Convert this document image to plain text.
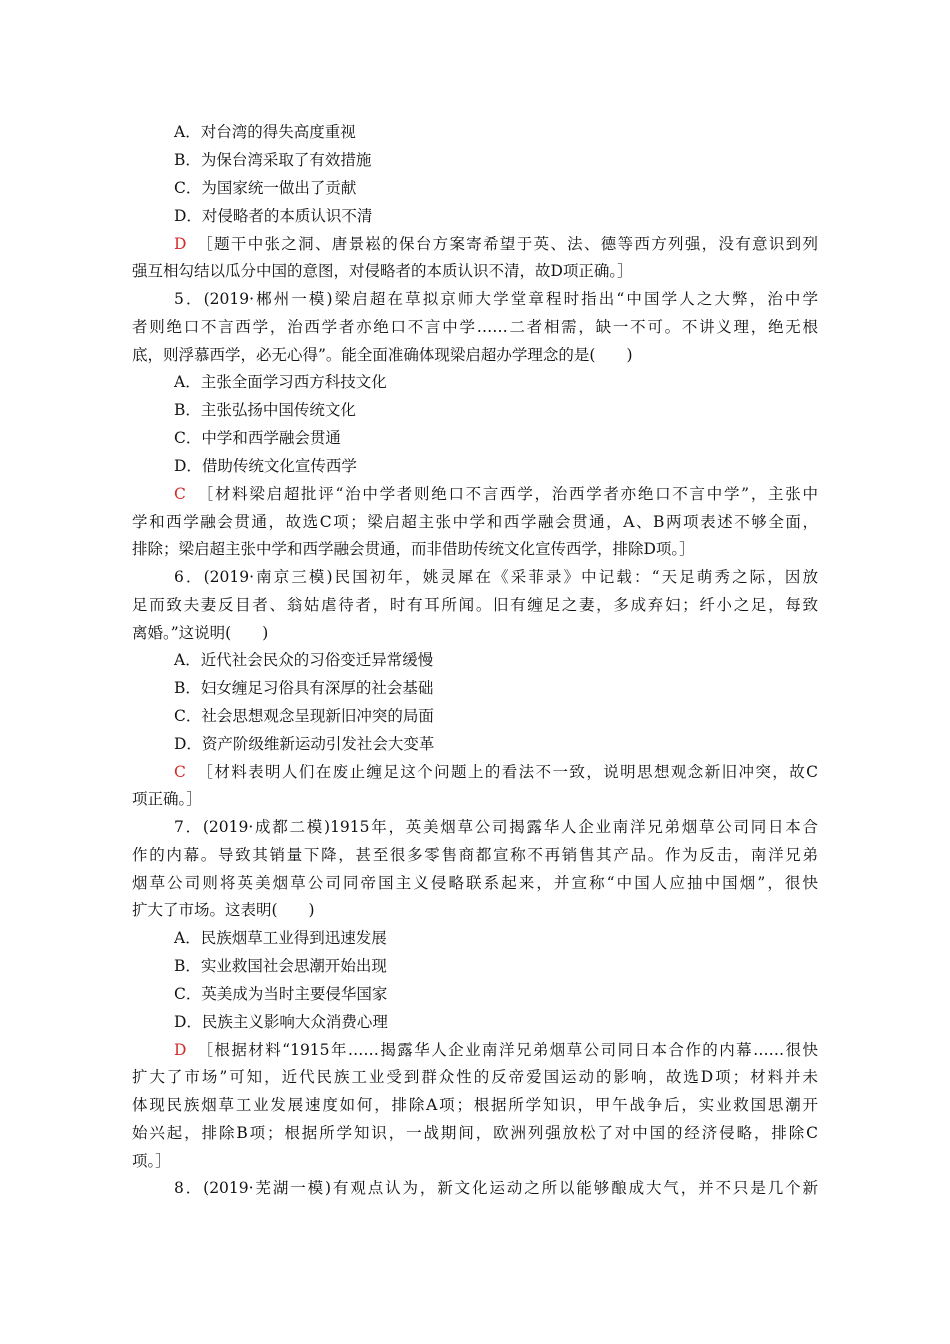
A．对台湾的得失高度重视
B．为保台湾采取了有效措施
C．为国家统一做出了贡献
D．对侵略者的本质认识不清
D ［题干中张之洞、唐景崧的保台方案寄希望于英、法、德等西方列强，没有意识到列
强互相勾结以瓜分中国的意图，对侵略者的本质认识不清，故D项正确。］
5．(2019·郴州一模)梁启超在草拟京师大学堂章程时指出“中国学人之大弊，治中学
者则绝口不言西学，治西学者亦绝口不言中学……二者相需，缺一不可。不讲义理，绝无根
底，则浮慕西学，必无心得”。能全面准确体现梁启超办学理念的是(　　)
A．主张全面学习西方科技文化
B．主张弘扬中国传统文化
C．中学和西学融会贯通
D．借助传统文化宣传西学
C ［材料梁启超批评“治中学者则绝口不言西学，治西学者亦绝口不言中学”，主张中
学和西学融会贯通，故选C项；梁启超主张中学和西学融会贯通，A、B两项表述不够全面，
排除；梁启超主张中学和西学融会贯通，而非借助传统文化宣传西学，排除D项。］
6．(2019·南京三模)民国初年，姚灵犀在《采菲录》中记载：“天足萌秀之际，因放
足而致夫妻反目者、翁姑虐待者，时有耳所闻。旧有缠足之妻，多成弃妇；纤小之足，每致
离婚。”这说明(　　)
A．近代社会民众的习俗变迁异常缓慢
B．妇女缠足习俗具有深厚的社会基础
C．社会思想观念呈现新旧冲突的局面
D．资产阶级维新运动引发社会大变革
C ［材料表明人们在废止缠足这个问题上的看法不一致，说明思想观念新旧冲突，故C
项正确。］
7．(2019·成都二模)1915年，英美烟草公司揭露华人企业南洋兄弟烟草公司同日本合
作的内幕。导致其销量下降，甚至很多零售商都宣称不再销售其产品。作为反击，南洋兄弟
烟草公司则将英美烟草公司同帝国主义侵略联系起来，并宣称“中国人应抽中国烟”，很快
扩大了市场。这表明(　　)
A．民族烟草工业得到迅速发展
B．实业救国社会思潮开始出现
C．英美成为当时主要侵华国家
D．民族主义影响大众消费心理
D ［根据材料“1915年……揭露华人企业南洋兄弟烟草公司同日本合作的内幕……很快
扩大了市场”可知，近代民族工业受到群众性的反帝爱国运动的影响，故选D项；材料并未
体现民族烟草工业发展速度如何，排除A项；根据所学知识，甲午战争后，实业救国思潮开
始兴起，排除B项；根据所学知识，一战期间，欧洲列强放松了对中国的经济侵略，排除C
项。］
8．(2019·芜湖一模)有观点认为，新文化运动之所以能够酿成大气，并不只是几个新
